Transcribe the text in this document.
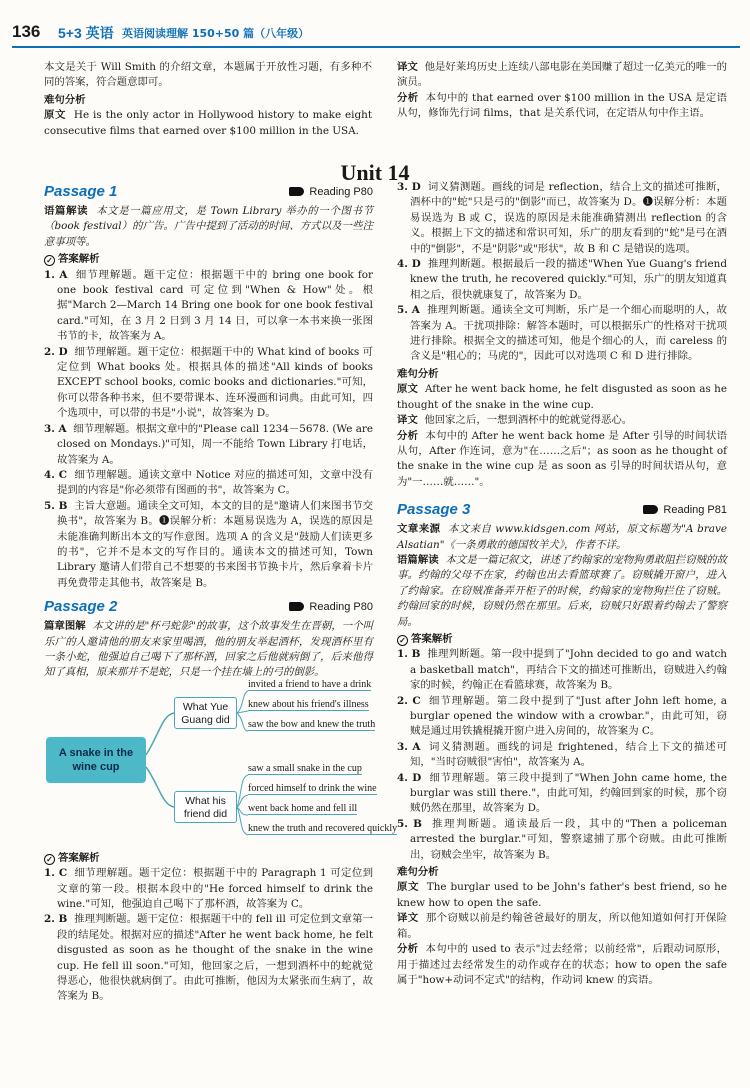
136 5+3 英语 英语阅读理解 150+50 篇（八年级）

本文是关于 Will Smith 的介绍文章，本题属于开放性习题，有多种不同的答案，符合题意即可。

难句分析

原文 He is the only actor in Hollywood history to make eight consecutive films that earned over $100 million in the USA.

译文 他是好莱坞历史上连续八部电影在美国赚了超过一亿美元的唯一的演员。

分析 本句中的 that earned over $100 million in the USA 是定语从句，修饰先行词 films，that 是关系代词，在定语从句中作主语。

Unit 14
Passage 1	Reading P80

语篇解读 本文是一篇应用文，是 Town Library 举办的一个图书节（book festival）的广告。广告中提到了活动的时间、方式以及一些注意事项等。

✓ 答案解析

1. A 细节理解题。题干定位：根据题干中的 bring one book for one book festival card 可定位到"When & How"处。根据"March 2—March 14 Bring one book for one book festival card."可知，在 3 月 2 日到 3 月 14 日，可以拿一本书来换一张图书节的卡，故答案为 A。

2. D 细节理解题。题干定位：根据题干中的 What kind of books 可定位到 What books 处。根据具体的描述"All kinds of books EXCEPT school books, comic books and dictionaries."可知，你可以带各种书来，但不要带课本、连环漫画和词典。由此可知，四个选项中，可以带的书是"小说"，故答案为 D。

3. A 细节理解题。根据文章中的"Please call 1234－5678. (We are closed on Mondays.)"可知，周一不能给 Town Library 打电话，故答案为 A。

4. C 细节理解题。通读文章中 Notice 对应的描述可知，文章中没有提到的内容是"你必须带有图画的书"，故答案为 C。

5. B 主旨大意题。通读全文可知，本文的目的是"邀请人们来图书节交换书"，故答案为 B。❶误解分析：本题易误选为 A，误选的原因是未能准确判断出本文的写作意图。选项 A 的含义是"鼓励人们读更多的书"，它并不是本文的写作目的。通读本文的描述可知，Town Library 邀请人们带自己不想要的书来图书节换卡片，然后拿着卡片再免费带走其他书，故答案是 B。

Passage 2	Reading P80

篇章图解 本文讲的是"杯弓蛇影"的故事，这个故事发生在晋朝，一个叫乐广的人邀请他的朋友来家里喝酒，他的朋友举起酒杯，发现酒杯里有一条小蛇，他强迫自己喝下了那杯酒，回家之后他就病倒了，后来他得知了真相，原来那并不是蛇，只是一个挂在墙上的弓的倒影。

A snake in the wine cup
What Yue Guang did
What his friend did
invited a friend to have a drink
knew about his friend's illness
saw the bow and knew the truth
saw a small snake in the cup
forced himself to drink the wine
went back home and fell ill
knew the truth and recovered quickly

✓ 答案解析

1. C 细节理解题。题干定位：根据题干中的 Paragraph 1 可定位到文章的第一段。根据本段中的"He forced himself to drink the wine."可知，他强迫自己喝下了那杯酒，故答案为 C。

2. B 推理判断题。题干定位：根据题干中的 fell ill 可定位到文章第一段的结尾处。根据对应的描述"After he went back home, he felt disgusted as soon as he thought of the snake in the wine cup. He fell ill soon."可知，他回家之后，一想到酒杯中的蛇就觉得恶心，他很快就病倒了。由此可推断，他因为太紧张而生病了，故答案为 B。

3. D 词义猜测题。画线的词是 reflection，结合上文的描述可推断，酒杯中的"蛇"只是弓的"倒影"而已，故答案为 D。❶误解分析：本题易误选为 B 或 C，误选的原因是未能准确猜测出 reflection 的含义。根据上下文的描述和常识可知，乐广的朋友看到的"蛇"是弓在酒中的"倒影"，不是"阴影"或"形状"，故 B 和 C 是错误的选项。

4. D 推理判断题。根据最后一段的描述"When Yue Guang's friend knew the truth, he recovered quickly."可知，乐广的朋友知道真相之后，很快就康复了，故答案为 D。

5. A 推理判断题。通读全文可判断，乐广是一个细心而聪明的人，故答案为 A。干扰项排除：解答本题时，可以根据乐广的性格对干扰项进行排除。根据全文的描述可知，他是个细心的人，而 careless 的含义是"粗心的；马虎的"，因此可以对选项 C 和 D 进行排除。

难句分析

原文 After he went back home, he felt disgusted as soon as he thought of the snake in the wine cup.

译文 他回家之后，一想到酒杯中的蛇就觉得恶心。

分析 本句中的 After he went back home 是 After 引导的时间状语从句，After 作连词，意为"在……之后"；as soon as he thought of the snake in the wine cup 是 as soon as 引导的时间状语从句，意为"一……就……"。

Passage 3	Reading P81

文章来源 本文来自 www.kidsgen.com 网站，原文标题为"A brave Alsatian"《一条勇敢的德国牧羊犬》，作者不详。

语篇解读 本文是一篇记叙文，讲述了约翰家的宠物狗勇敢阻拦窃贼的故事。约翰的父母不在家，约翰也出去看篮球赛了。窃贼撬开窗户，进入了约翰家。在窃贼准备弄开柜子的时候，约翰家的宠物狗拦住了窃贼。约翰回家的时候，窃贼仍然在那里。后来，窃贼只好跟着约翰去了警察局。

✓ 答案解析

1. B 推理判断题。第一段中提到了"John decided to go and watch a basketball match"，再结合下文的描述可推断出，窃贼进入约翰家的时候，约翰正在看篮球赛，故答案为 B。

2. C 细节理解题。第二段中提到了"Just after John left home, a burglar opened the window with a crowbar."，由此可知，窃贼是通过用铁撬棍撬开窗户进入房间的，故答案为 C。

3. A 词义猜测题。画线的词是 frightened，结合上下文的描述可知，"当时窃贼很"害怕"，故答案为 A。

4. D 细节理解题。第三段中提到了"When John came home, the burglar was still there."，由此可知，约翰回到家的时候，那个窃贼仍然在那里，故答案为 D。

5. B 推理判断题。通读最后一段，其中的"Then a policeman arrested the burglar."可知，警察逮捕了那个窃贼。由此可推断出，窃贼会坐牢，故答案为 B。

难句分析

原文 The burglar used to be John's father's best friend, so he knew how to open the safe.

译文 那个窃贼以前是约翰爸爸最好的朋友，所以他知道如何打开保险箱。

分析 本句中的 used to 表示"过去经常；以前经常"，后跟动词原形，用于描述过去经常发生的动作或存在的状态；how to open the safe 属于"how+动词不定式"的结构，作动词 knew 的宾语。
